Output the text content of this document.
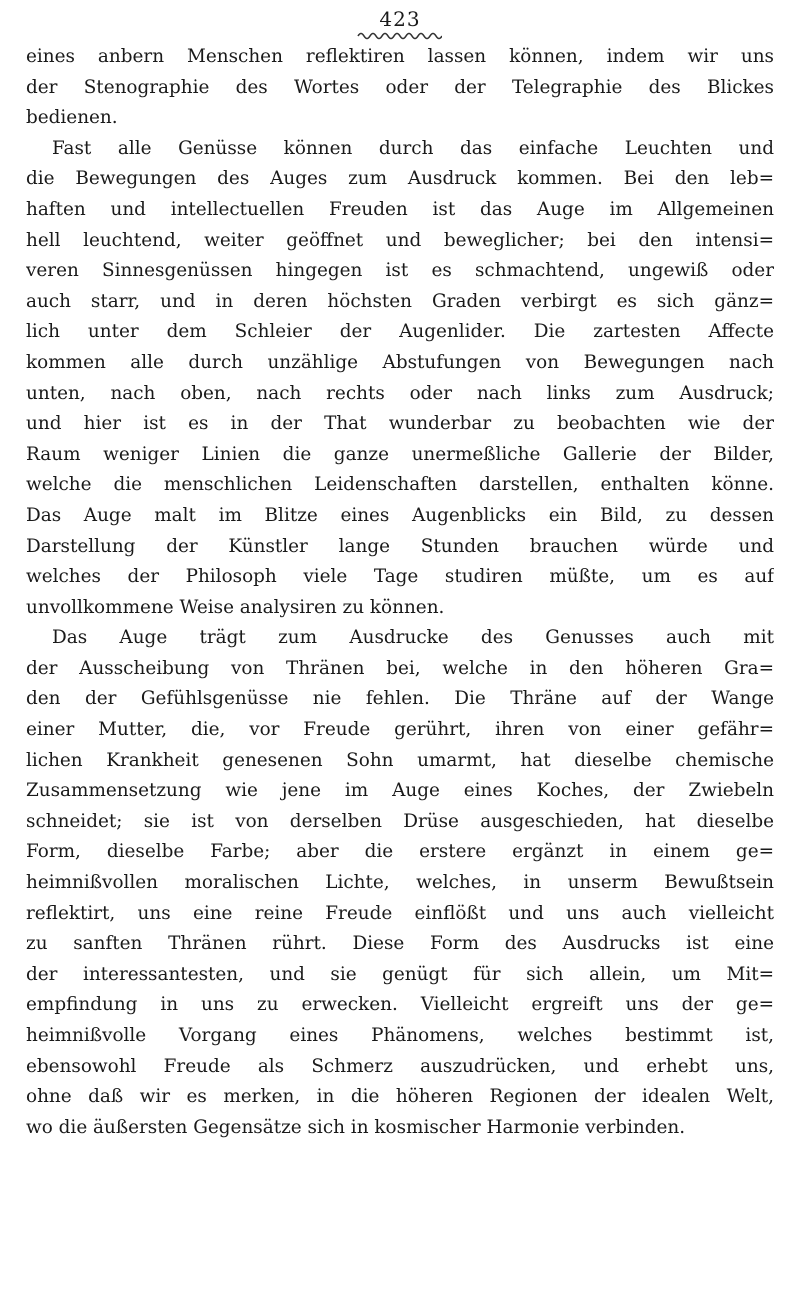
423
eines anbern Menschen reflektiren lassen können, indem wir uns
der Stenographie des Wortes oder der Telegraphie des Blickes
bedienen.
Fast alle Genüsse können durch das einfache Leuchten und
die Bewegungen des Auges zum Ausdruck kommen. Bei den leb=
haften und intellectuellen Freuden ist das Auge im Allgemeinen
hell leuchtend, weiter geöffnet und beweglicher; bei den intensi=
veren Sinnesgenüssen hingegen ist es schmachtend, ungewiß oder
auch starr, und in deren höchsten Graden verbirgt es sich gänz=
lich unter dem Schleier der Augenlider. Die zartesten Affecte
kommen alle durch unzählige Abstufungen von Bewegungen nach
unten, nach oben, nach rechts oder nach links zum Ausdruck;
und hier ist es in der That wunderbar zu beobachten wie der
Raum weniger Linien die ganze unermeßliche Gallerie der Bilder,
welche die menschlichen Leidenschaften darstellen, enthalten könne.
Das Auge malt im Blitze eines Augenblicks ein Bild, zu dessen
Darstellung der Künstler lange Stunden brauchen würde und
welches der Philosoph viele Tage studiren müßte, um es auf
unvollkommene Weise analysiren zu können.
Das Auge trägt zum Ausdrucke des Genusses auch mit
der Ausscheibung von Thränen bei, welche in den höheren Gra=
den der Gefühlsgenüsse nie fehlen. Die Thräne auf der Wange
einer Mutter, die, vor Freude gerührt, ihren von einer gefähr=
lichen Krankheit genesenen Sohn umarmt, hat dieselbe chemische
Zusammensetzung wie jene im Auge eines Koches, der Zwiebeln
schneidet; sie ist von derselben Drüse ausgeschieden, hat dieselbe
Form, dieselbe Farbe; aber die erstere ergänzt in einem ge=
heimnißvollen moralischen Lichte, welches, in unserm Bewußtsein
reflektirt, uns eine reine Freude einflößt und uns auch vielleicht
zu sanften Thränen rührt. Diese Form des Ausdrucks ist eine
der interessantesten, und sie genügt für sich allein, um Mit=
empfindung in uns zu erwecken. Vielleicht ergreift uns der ge=
heimnißvolle Vorgang eines Phänomens, welches bestimmt ist,
ebensowohl Freude als Schmerz auszudrücken, und erhebt uns,
ohne daß wir es merken, in die höheren Regionen der idealen Welt,
wo die äußersten Gegensätze sich in kosmischer Harmonie verbinden.
